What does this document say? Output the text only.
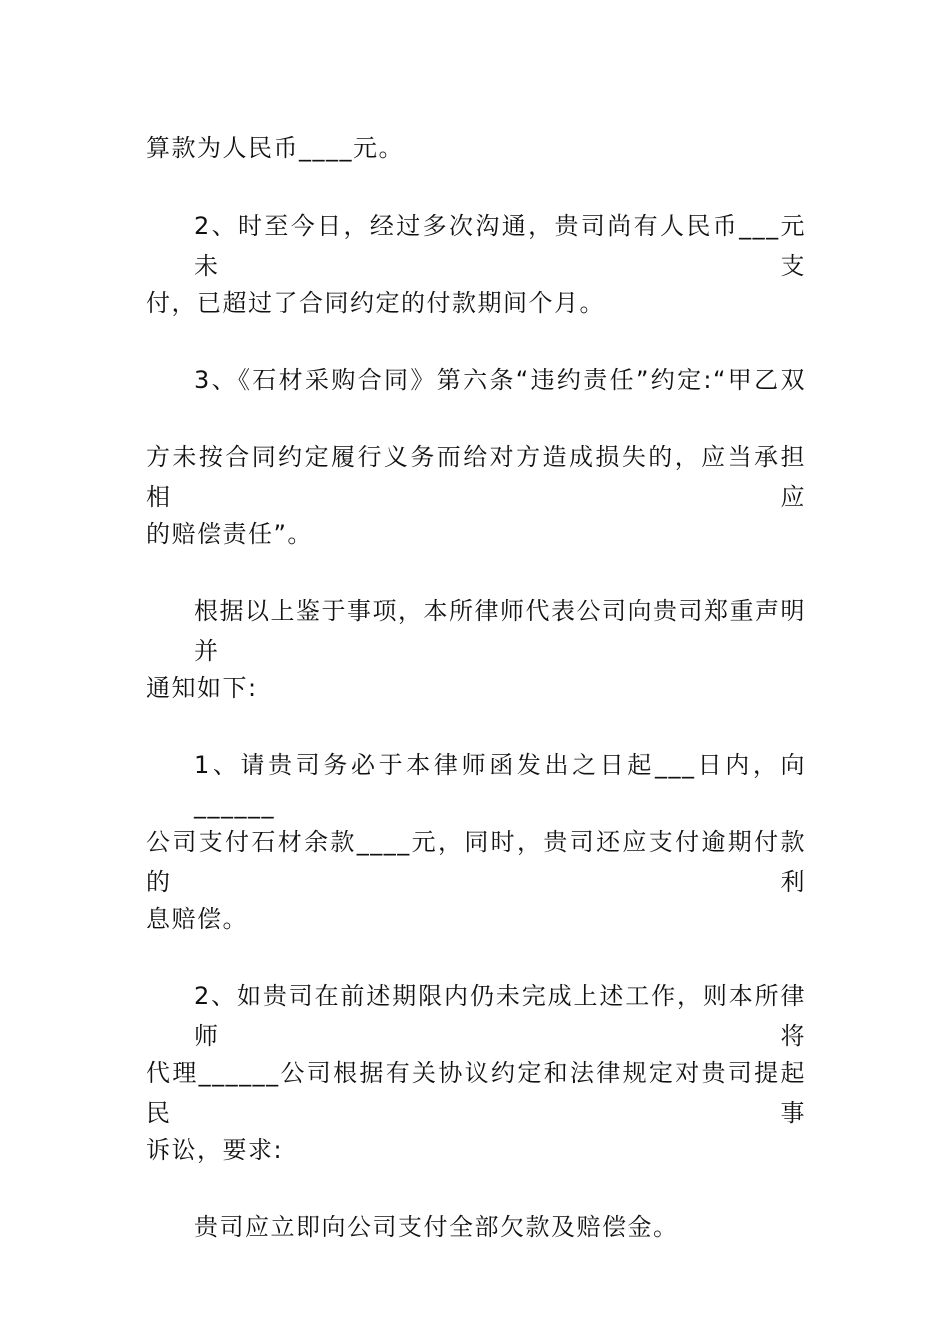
算款为人民币____元。
2、时至今日，经过多次沟通，贵司尚有人民币___元未支
付，已超过了合同约定的付款期间个月。
3、《石材采购合同》第六条“违约责任”约定:“甲乙双
方未按合同约定履行义务而给对方造成损失的，应当承担相应
的赔偿责任”。
根据以上鉴于事项，本所律师代表公司向贵司郑重声明并
通知如下:
1、请贵司务必于本律师函发出之日起___日内，向______
公司支付石材余款____元，同时，贵司还应支付逾期付款的利
息赔偿。
2、如贵司在前述期限内仍未完成上述工作，则本所律师将
代理______公司根据有关协议约定和法律规定对贵司提起民事
诉讼，要求:
贵司应立即向公司支付全部欠款及赔偿金。
